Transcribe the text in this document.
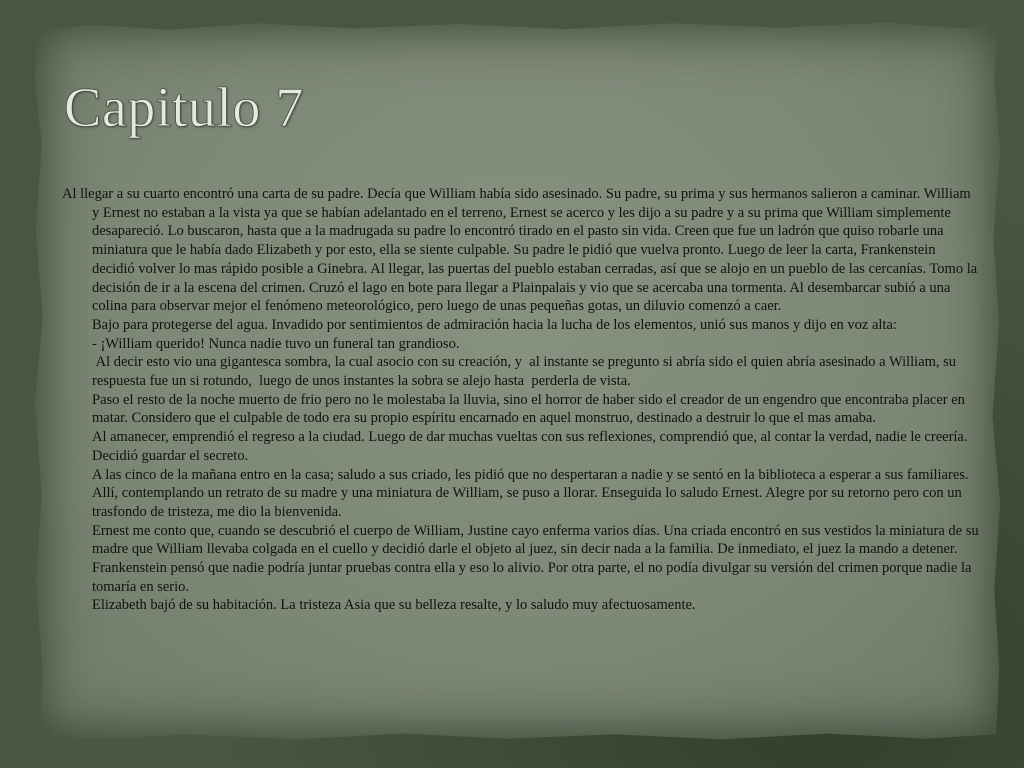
Capitulo 7

Al llegar a su cuarto encontró una carta de su padre. Decía que William había sido asesinado. Su padre, su prima y sus hermanos salieron a caminar. William y Ernest no estaban a la vista ya que se habían adelantado en el terreno, Ernest se acerco y les dijo a su padre y a su prima que William simplemente desapareció. Lo buscaron, hasta que a la madrugada su padre lo encontró tirado en el pasto sin vida. Creen que fue un ladrón que quiso robarle una miniatura que le había dado Elizabeth y por esto, ella se siente culpable. Su padre le pidió que vuelva pronto. Luego de leer la carta, Frankenstein decidió volver lo mas rápido posible a Ginebra. Al llegar, las puertas del pueblo estaban cerradas, así que se alojo en un pueblo de las cercanías. Tomo la decisión de ir a la escena del crimen. Cruzó el lago en bote para llegar a Plainpalais y vio que se acercaba una tormenta. Al desembarcar subió a una colina para observar mejor el fenómeno meteorológico, pero luego de unas pequeñas gotas, un diluvio comenzó a caer.

Bajo para protegerse del agua. Invadido por sentimientos de admiración hacia la lucha de los elementos, unió sus manos y dijo en voz alta:

- ¡William querido! Nunca nadie tuvo un funeral tan grandioso.

Al decir esto vio una gigantesca sombra, la cual asocio con su creación, y  al instante se pregunto si abría sido el quien abría asesinado a William, su respuesta fue un si rotundo,  luego de unos instantes la sobra se alejo hasta  perderla de vista.

Paso el resto de la noche muerto de frio pero no le molestaba la lluvia, sino el horror de haber sido el creador de un engendro que encontraba placer en matar. Considero que el culpable de todo era su propio espíritu encarnado en aquel monstruo, destinado a destruir lo que el mas amaba.

Al amanecer, emprendió el regreso a la ciudad. Luego de dar muchas vueltas con sus reflexiones, comprendió que, al contar la verdad, nadie le creería. Decidió guardar el secreto.

A las cinco de la mañana entro en la casa; saludo a sus criado, les pidió que no despertaran a nadie y se sentó en la biblioteca a esperar a sus familiares. Allí, contemplando un retrato de su madre y una miniatura de William, se puso a llorar. Enseguida lo saludo Ernest. Alegre por su retorno pero con un trasfondo de tristeza, me dio la bienvenida.

Ernest me conto que, cuando se descubrió el cuerpo de William, Justine cayo enferma varios días. Una criada encontró en sus vestidos la miniatura de su madre que William llevaba colgada en el cuello y decidió darle el objeto al juez, sin decir nada a la familia. De inmediato, el juez la mando a detener.

Frankenstein pensó que nadie podría juntar pruebas contra ella y eso lo alivio. Por otra parte, el no podía divulgar su versión del crimen porque nadie la tomaría en serio.

Elizabeth bajó de su habitación. La tristeza Asia que su belleza resalte, y lo saludo muy afectuosamente.
